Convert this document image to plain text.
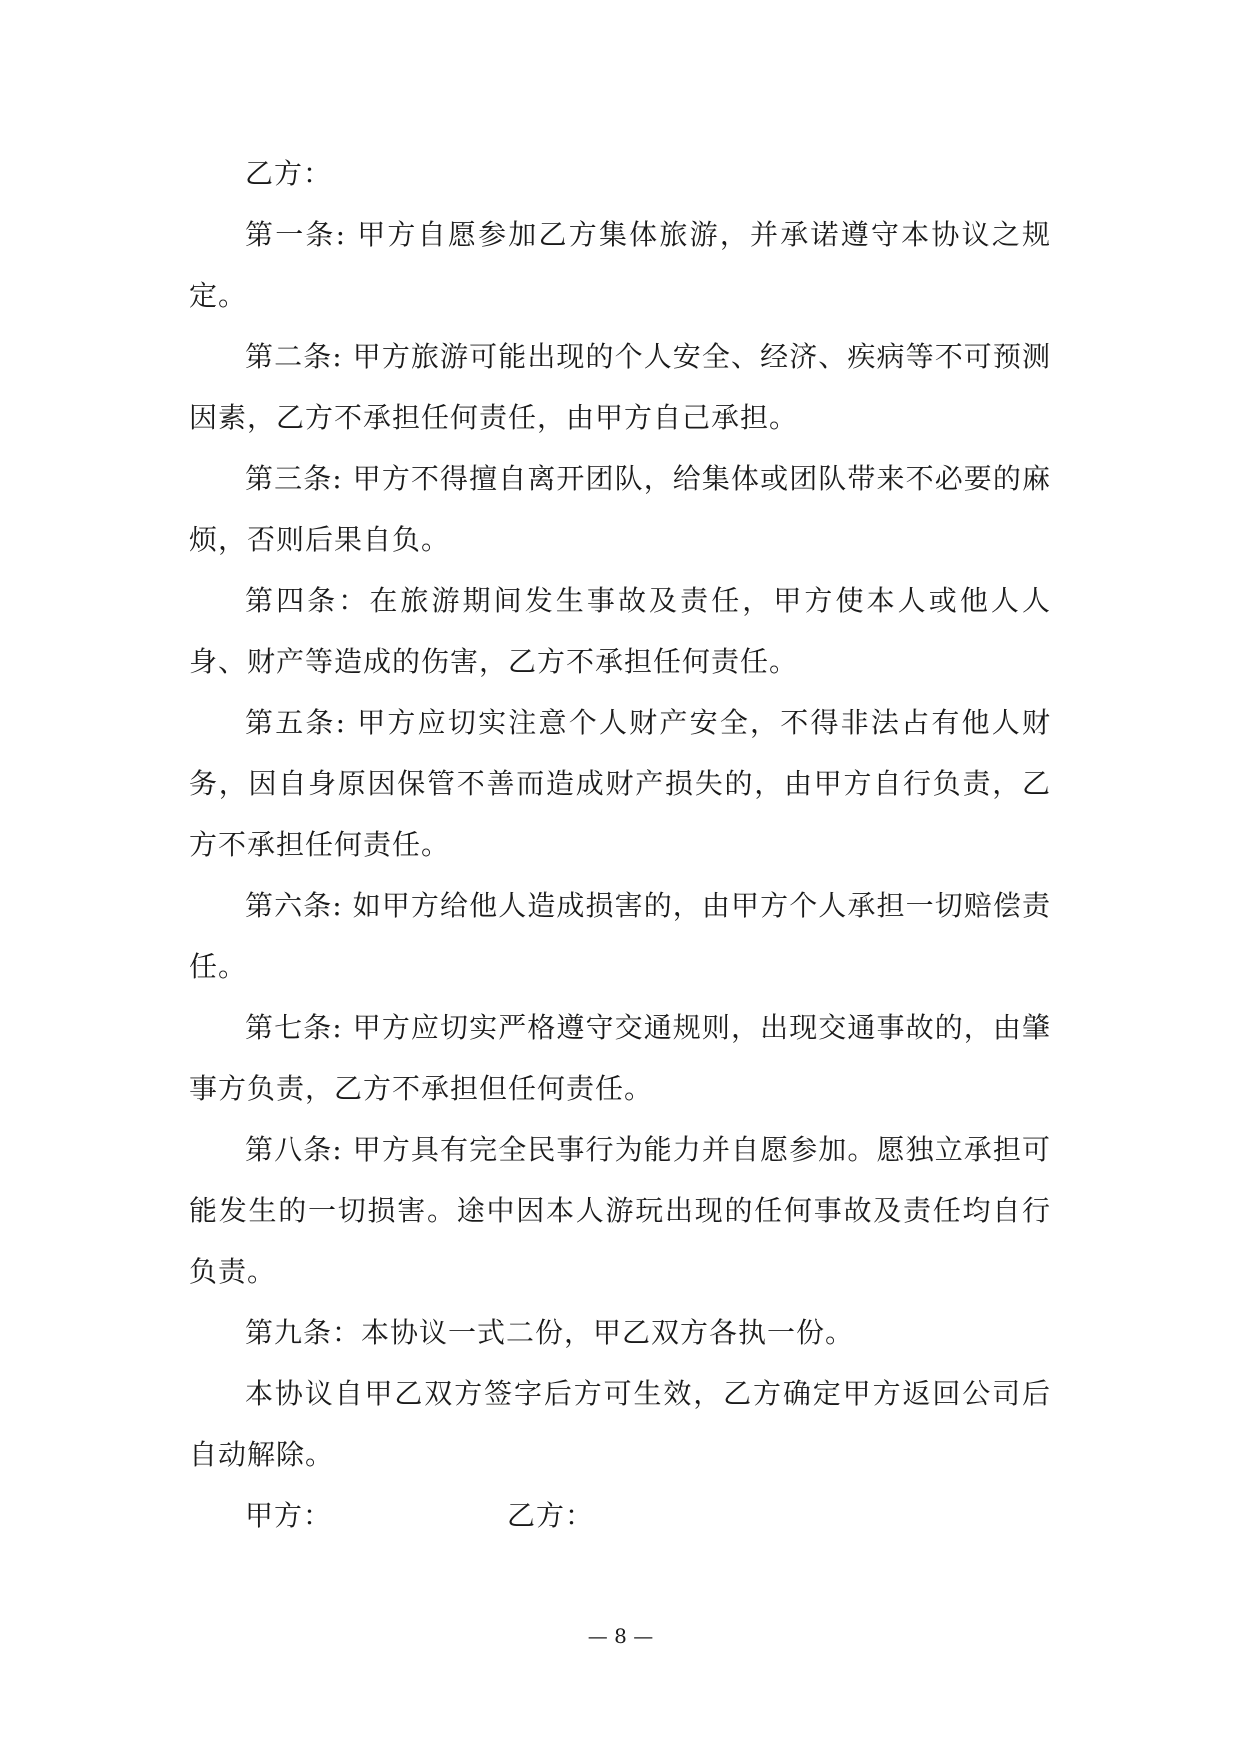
乙方：

第一条: 甲方自愿参加乙方集体旅游，并承诺遵守本协议之规定。

第二条: 甲方旅游可能出现的个人安全、经济、疾病等不可预测因素，乙方不承担任何责任，由甲方自己承担。

第三条: 甲方不得擅自离开团队，给集体或团队带来不必要的麻烦，否则后果自负。

第四条：在旅游期间发生事故及责任，甲方使本人或他人人身、财产等造成的伤害，乙方不承担任何责任。

第五条: 甲方应切实注意个人财产安全，不得非法占有他人财务，因自身原因保管不善而造成财产损失的，由甲方自行负责，乙方不承担任何责任。

第六条: 如甲方给他人造成损害的，由甲方个人承担一切赔偿责任。

第七条: 甲方应切实严格遵守交通规则，出现交通事故的，由肇事方负责，乙方不承担但任何责任。

第八条: 甲方具有完全民事行为能力并自愿参加。愿独立承担可能发生的一切损害。途中因本人游玩出现的任何事故及责任均自行负责。

第九条：本协议一式二份，甲乙双方各执一份。

本协议自甲乙双方签字后方可生效，乙方确定甲方返回公司后自动解除。

甲方：	乙方：
— 8 —
